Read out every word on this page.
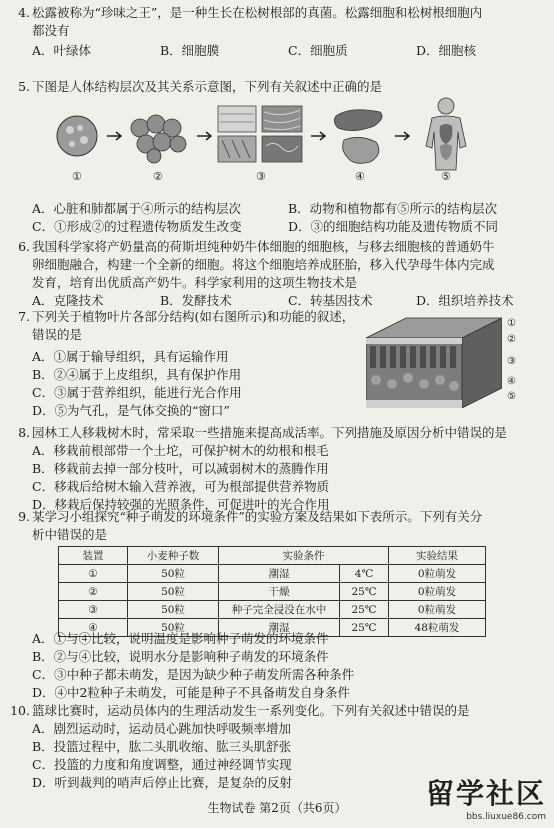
4. 松露被称为“珍味之王”，是一种生长在松树根部的真菌。松露细胞和松树根细胞内
都没有
A．叶绿体	B．细胞膜	C．细胞质	D．细胞核
5. 下图是人体结构层次及其关系示意图，下列有关叙述中正确的是
①	②	③	④	⑤
A．心脏和肺都属于④所示的结构层次	B．动物和植物都有⑤所示的结构层次
C．①形成②的过程遗传物质发生改变	D．③的细胞结构功能及遗传物质不同
6. 我国科学家将产奶量高的荷斯坦纯种奶牛体细胞的细胞核，与移去细胞核的普通奶牛
卵细胞融合，构建一个全新的细胞。将这个细胞培养成胚胎，移入代孕母牛体内完成
发育，培育出优质高产奶牛。科学家利用的这项生物技术是
A．克隆技术	B．发酵技术	C．转基因技术	D．组织培养技术
7. 下列关于植物叶片各部分结构(如右图所示)和功能的叙述，
错误的是
A．①属于输导组织，具有运输作用
B．②④属于上皮组织，具有保护作用
C．③属于营养组织，能进行光合作用
D．⑤为气孔，是气体交换的“窗口”
①
②
③
④
⑤
8. 园林工人移栽树木时，常采取一些措施来提高成活率。下列措施及原因分析中错误的是
A．移栽前根部带一个土坨，可保护树木的幼根和根毛
B．移栽前去掉一部分枝叶，可以减弱树木的蒸腾作用
C．移栽后给树木输入营养液，可为根部提供营养物质
D．移栽后保持较强的光照条件，可促进叶的光合作用
9. 某学习小组探究“种子萌发的环境条件”的实验方案及结果如下表所示。下列有关分
析中错误的是
装置	小麦种子数	实验条件		实验结果
①	50粒	潮湿	4℃	0粒萌发
②	50粒	干燥	25℃	0粒萌发
③	50粒	种子完全浸没在水中	25℃	0粒萌发
④	50粒	潮湿	25℃	48粒萌发
A．①与④比较，说明温度是影响种子萌发的环境条件
B．②与④比较，说明水分是影响种子萌发的环境条件
C．③中种子都未萌发，是因为缺少种子萌发所需各种条件
D．④中2粒种子未萌发，可能是种子不具备萌发自身条件
10. 篮球比赛时，运动员体内的生理活动发生一系列变化。下列有关叙述中错误的是
A．剧烈运动时，运动员心跳加快呼吸频率增加
B．投篮过程中，肱二头肌收缩、肱三头肌舒张
C．投篮的力度和角度调整，通过神经调节实现
D．听到裁判的哨声后停止比赛，是复杂的反射
生物试卷 第2页（共6页）	留学社区
bbs.liuxue86.com
